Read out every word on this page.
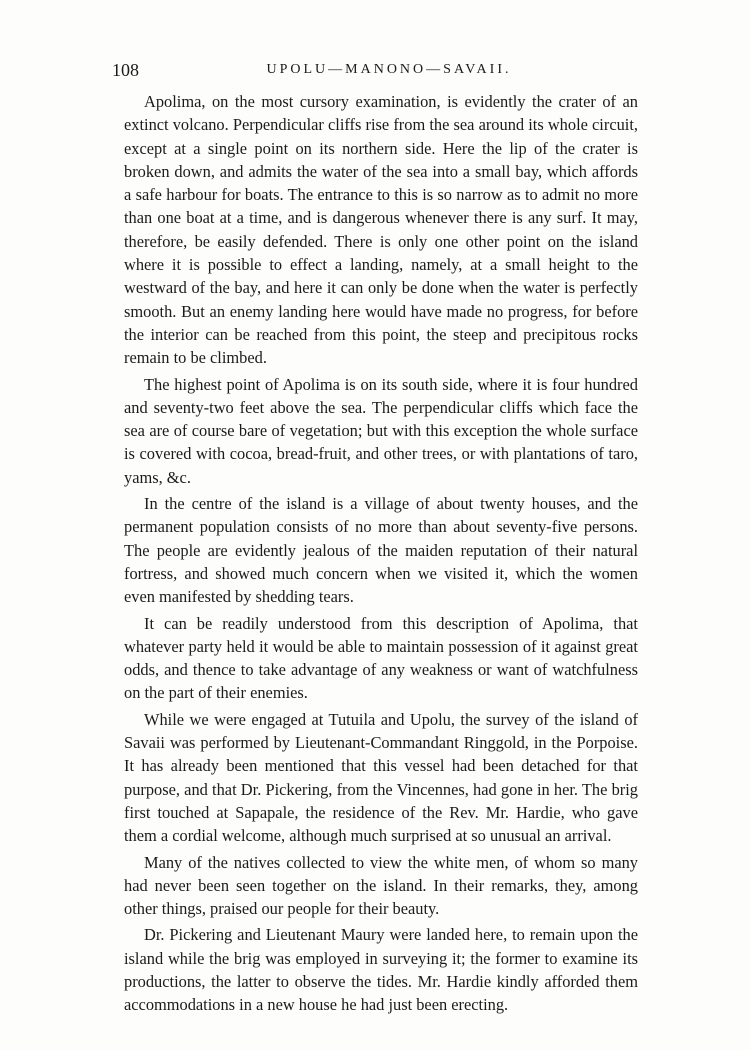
108	UPOLU—MANONO—SAVAII.

Apolima, on the most cursory examination, is evidently the crater of an extinct volcano. Perpendicular cliffs rise from the sea around its whole circuit, except at a single point on its northern side. Here the lip of the crater is broken down, and admits the water of the sea into a small bay, which affords a safe harbour for boats. The entrance to this is so narrow as to admit no more than one boat at a time, and is dangerous whenever there is any surf. It may, therefore, be easily defended. There is only one other point on the island where it is possible to effect a landing, namely, at a small height to the westward of the bay, and here it can only be done when the water is perfectly smooth. But an enemy landing here would have made no progress, for before the interior can be reached from this point, the steep and precipitous rocks remain to be climbed.

The highest point of Apolima is on its south side, where it is four hundred and seventy-two feet above the sea. The perpendicular cliffs which face the sea are of course bare of vegetation; but with this exception the whole surface is covered with cocoa, bread-fruit, and other trees, or with plantations of taro, yams, &c.

In the centre of the island is a village of about twenty houses, and the permanent population consists of no more than about seventy-five persons. The people are evidently jealous of the maiden reputation of their natural fortress, and showed much concern when we visited it, which the women even manifested by shedding tears.

It can be readily understood from this description of Apolima, that whatever party held it would be able to maintain possession of it against great odds, and thence to take advantage of any weakness or want of watchfulness on the part of their enemies.

While we were engaged at Tutuila and Upolu, the survey of the island of Savaii was performed by Lieutenant-Commandant Ringgold, in the Porpoise. It has already been mentioned that this vessel had been detached for that purpose, and that Dr. Pickering, from the Vincennes, had gone in her. The brig first touched at Sapapale, the residence of the Rev. Mr. Hardie, who gave them a cordial welcome, although much surprised at so unusual an arrival.

Many of the natives collected to view the white men, of whom so many had never been seen together on the island. In their remarks, they, among other things, praised our people for their beauty.

Dr. Pickering and Lieutenant Maury were landed here, to remain upon the island while the brig was employed in surveying it; the former to examine its productions, the latter to observe the tides. Mr. Hardie kindly afforded them accommodations in a new house he had just been erecting.
